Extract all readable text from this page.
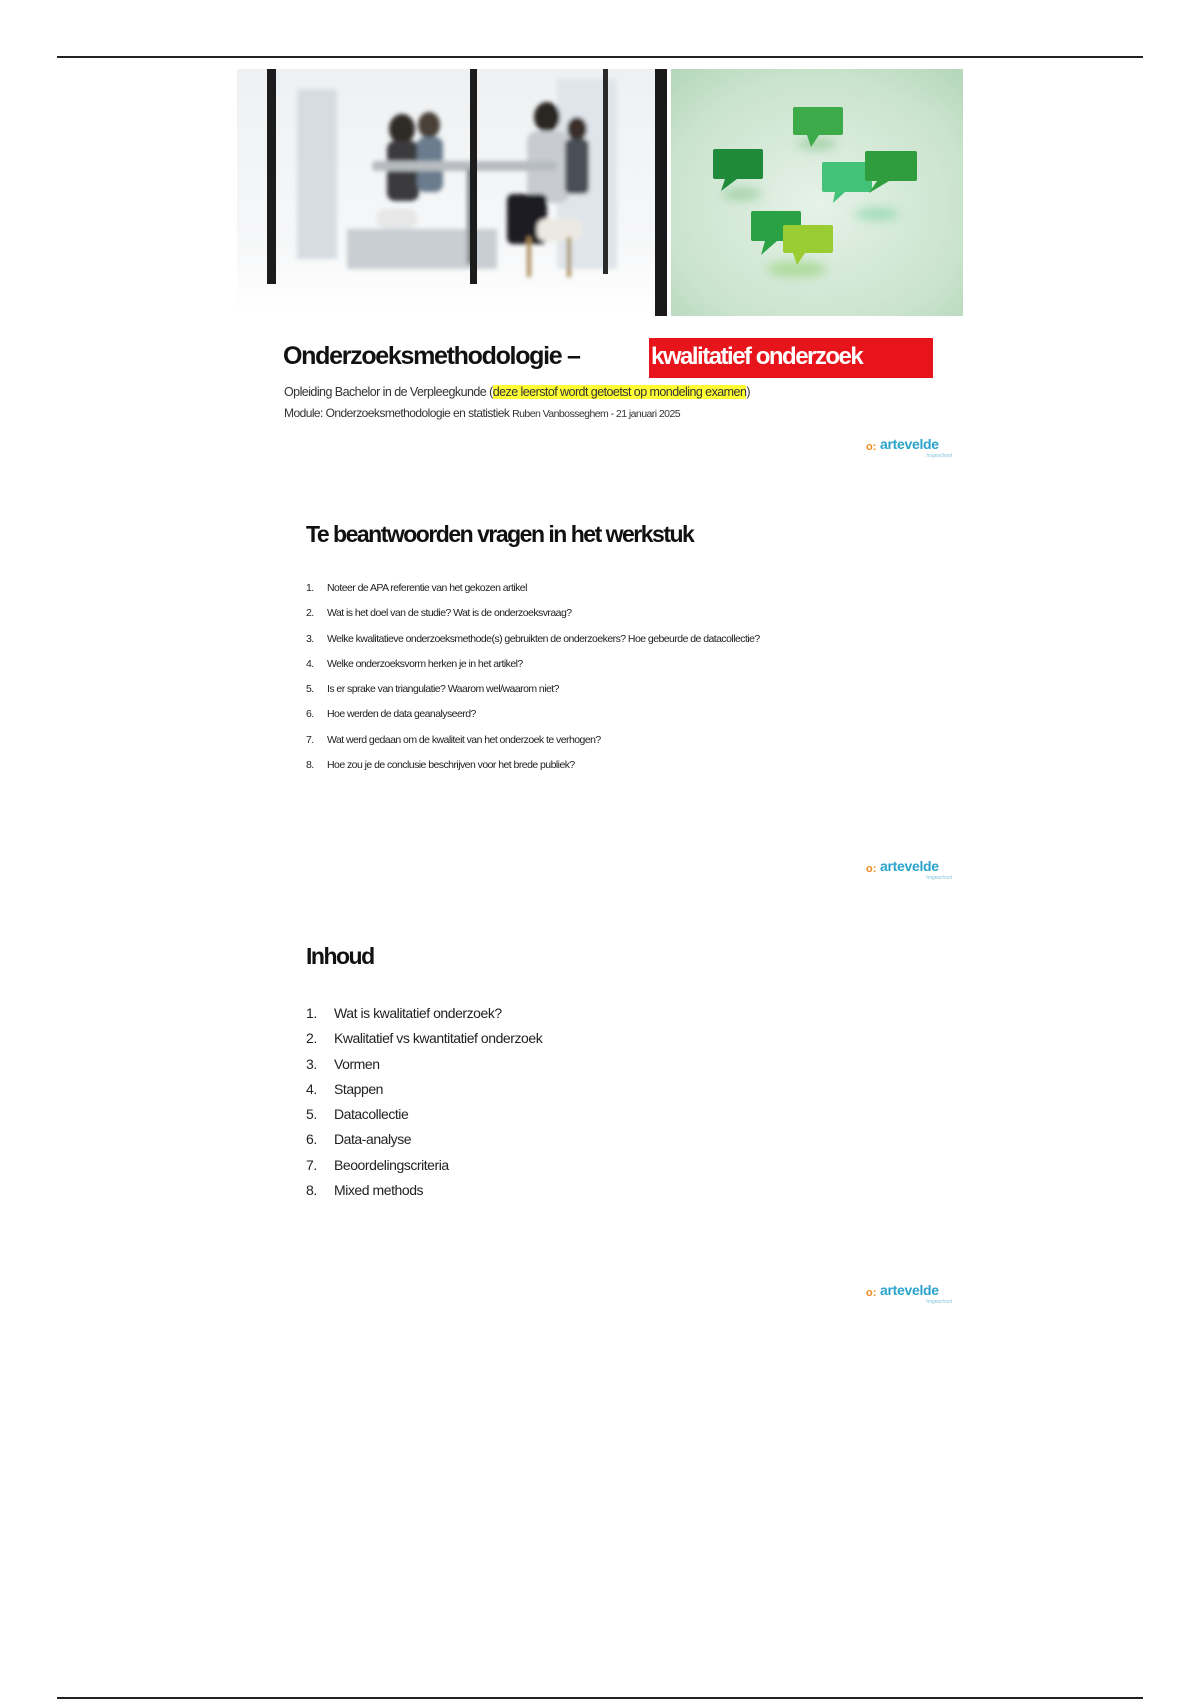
Onderzoeksmethodologie –	kwalitatief onderzoek
Opleiding Bachelor in de Verpleegkunde (deze leerstof wordt getoetst op mondeling examen)
Module: Onderzoeksmethodologie en statistiek Ruben Vanbosseghem - 21 januari 2025
o: artevelde
hogeschool
Te beantwoorden vragen in het werkstuk
1.	Noteer de APA referentie van het gekozen artikel
2.	Wat is het doel van de studie? Wat is de onderzoeksvraag?
3.	Welke kwalitatieve onderzoeksmethode(s) gebruikten de onderzoekers? Hoe gebeurde de datacollectie?
4.	Welke onderzoeksvorm herken je in het artikel?
5.	Is er sprake van triangulatie? Waarom wel/waarom niet?
6.	Hoe werden de data geanalyseerd?
7.	Wat werd gedaan om de kwaliteit van het onderzoek te verhogen?
8.	Hoe zou je de conclusie beschrijven voor het brede publiek?
o: artevelde
hogeschool
Inhoud
1.	Wat is kwalitatief onderzoek?
2.	Kwalitatief vs kwantitatief onderzoek
3.	Vormen
4.	Stappen
5.	Datacollectie
6.	Data-analyse
7.	Beoordelingscriteria
8.	Mixed methods
o: artevelde
hogeschool
